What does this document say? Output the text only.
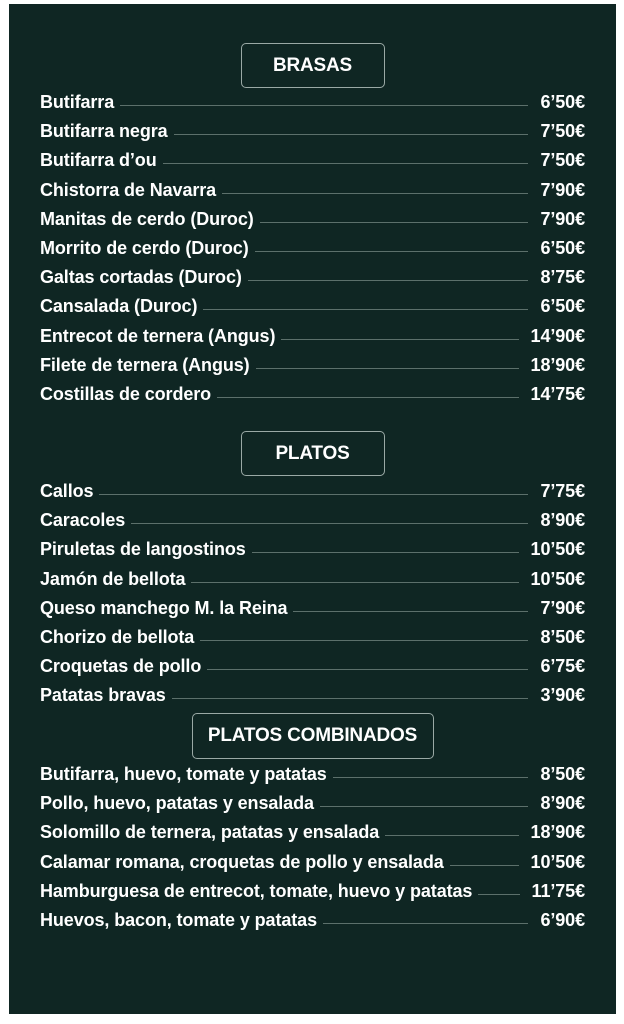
BRASAS
Butifarra	6’50€
Butifarra negra	7’50€
Butifarra d’ou	7’50€
Chistorra de Navarra	7’90€
Manitas de cerdo (Duroc)	7’90€
Morrito de cerdo (Duroc)	6’50€
Galtas cortadas (Duroc)	8’75€
Cansalada (Duroc)	6’50€
Entrecot de ternera (Angus)	14’90€
Filete de ternera (Angus)	18’90€
Costillas de cordero	14’75€
PLATOS
Callos	7’75€
Caracoles	8’90€
Piruletas de langostinos	10’50€
Jamón de bellota	10’50€
Queso manchego M. la Reina	7’90€
Chorizo de bellota	8’50€
Croquetas de pollo	6’75€
Patatas bravas	3’90€
PLATOS COMBINADOS
Butifarra, huevo, tomate y patatas	8’50€
Pollo, huevo, patatas y ensalada	8’90€
Solomillo de ternera, patatas y ensalada	18’90€
Calamar romana, croquetas de pollo y ensalada	10’50€
Hamburguesa de entrecot, tomate, huevo y patatas	11’75€
Huevos, bacon, tomate y patatas	6’90€
